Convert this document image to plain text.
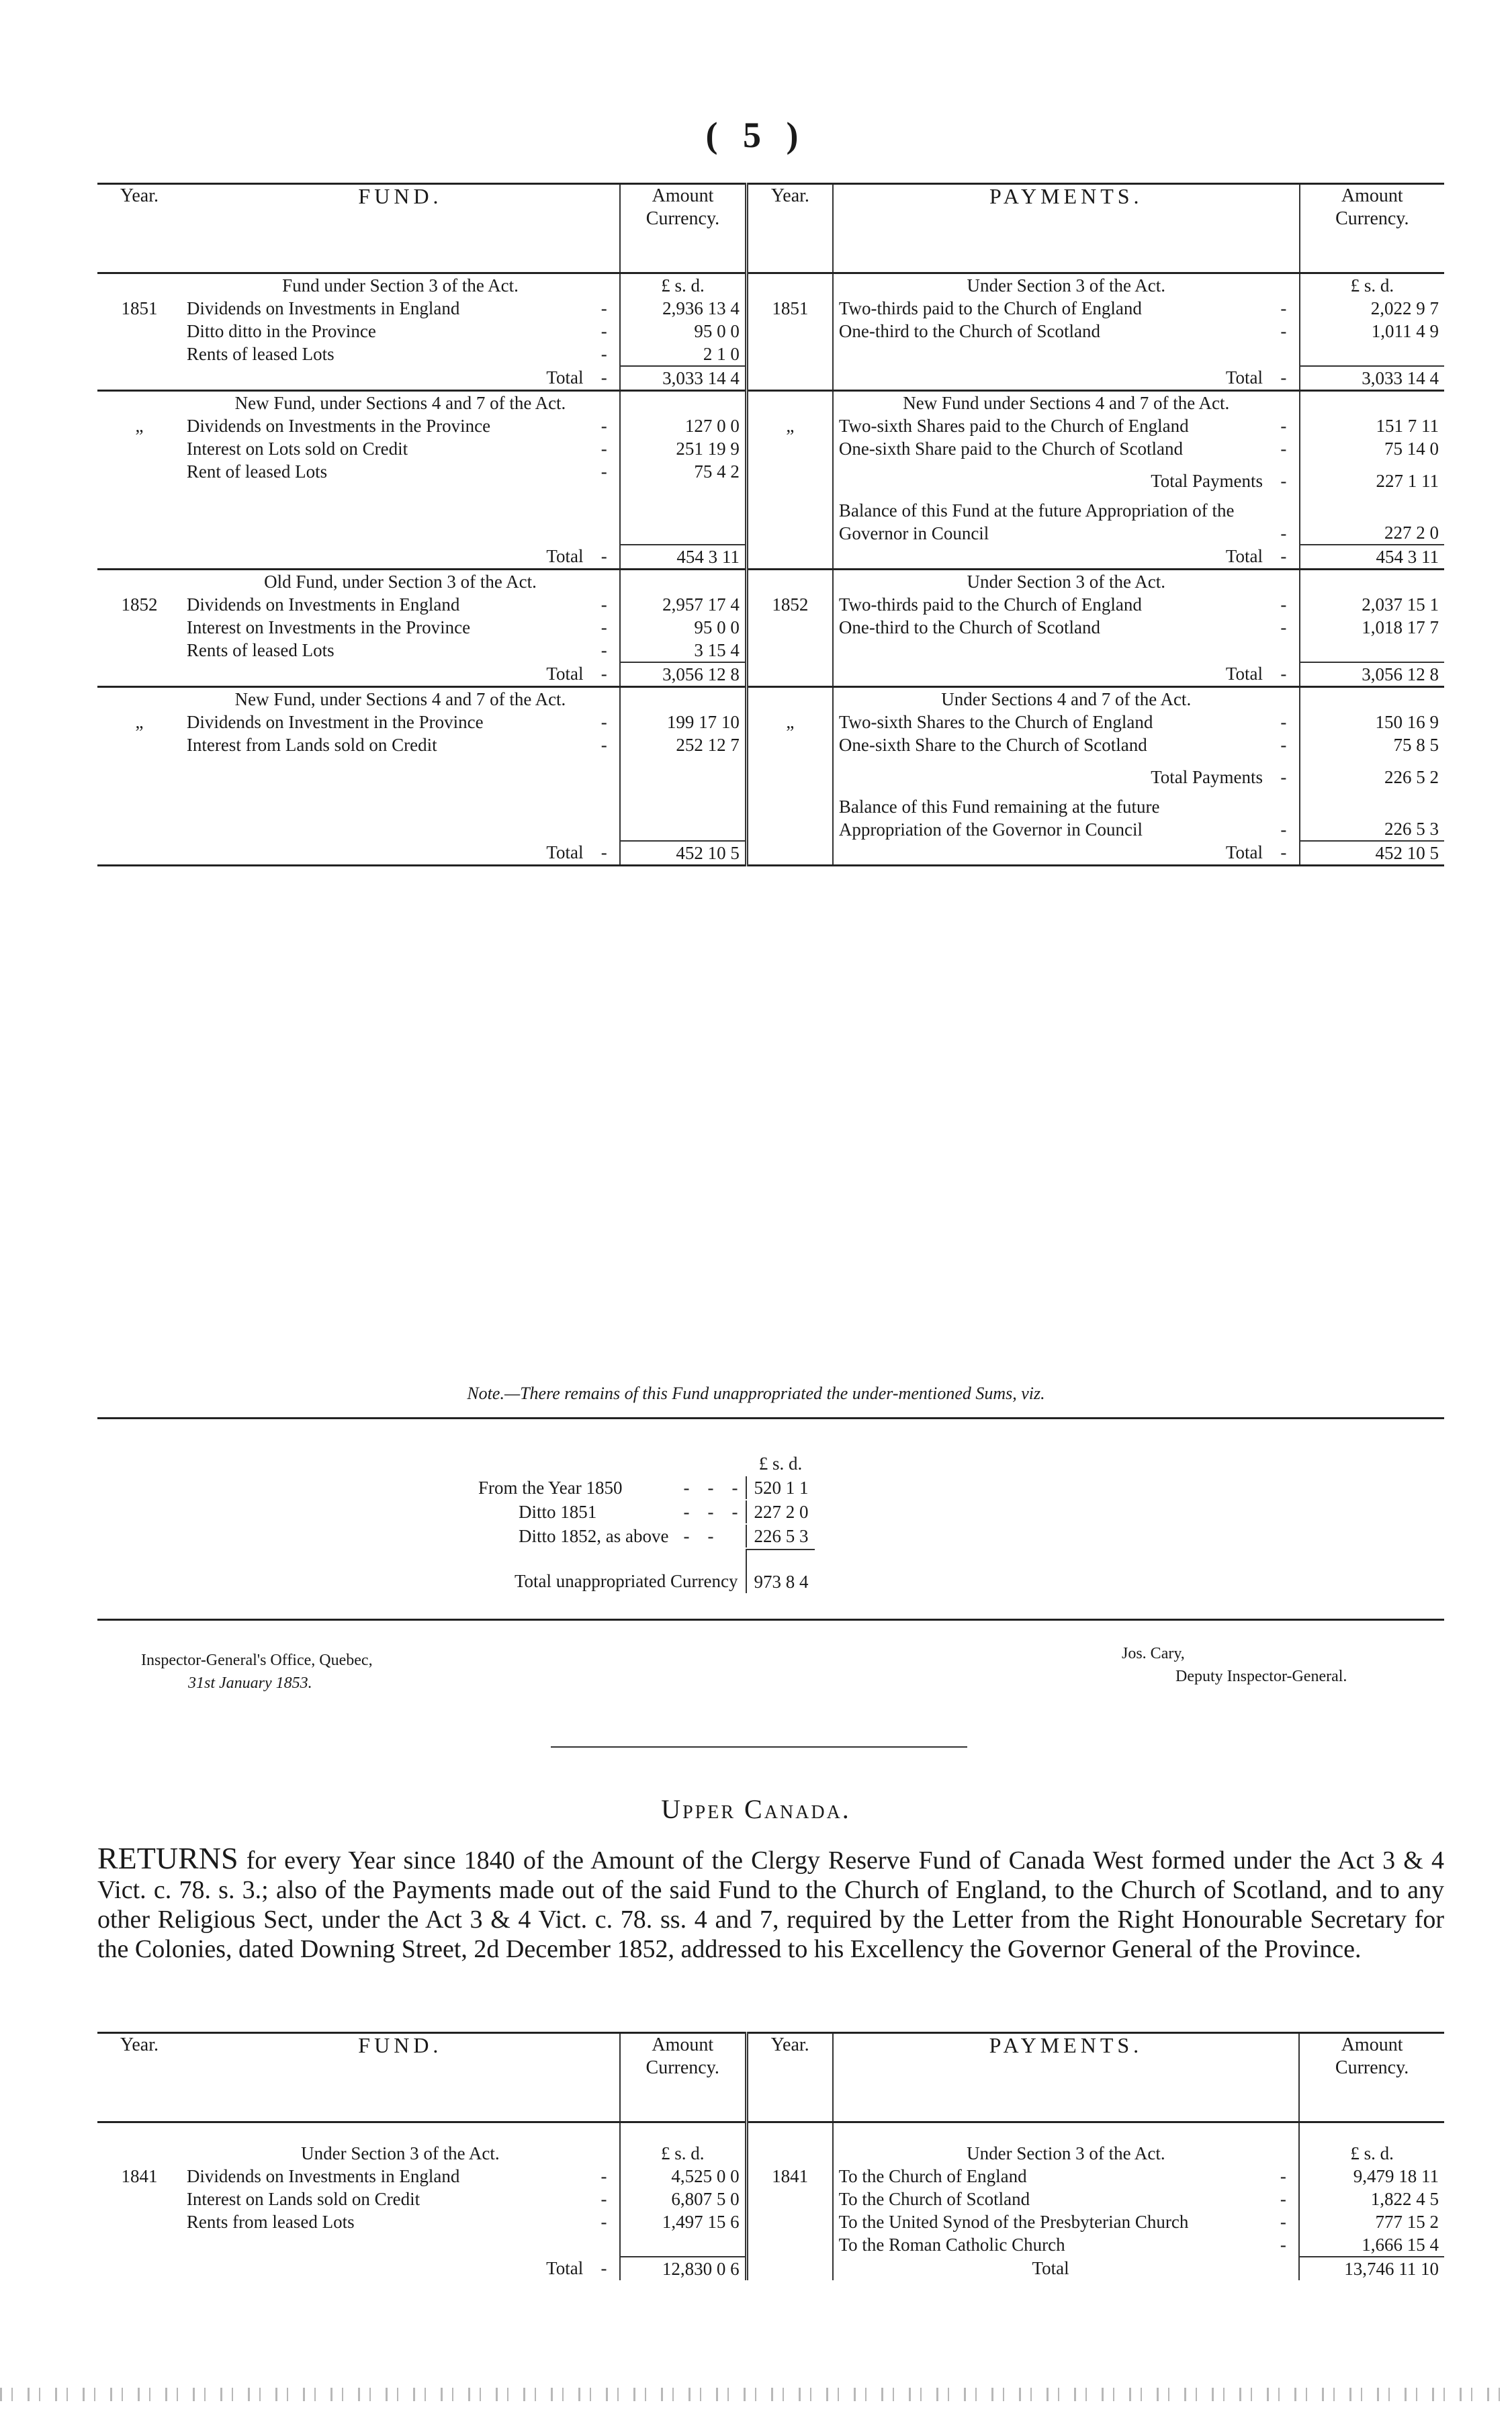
( 5 )
Year.	FUND.		Amount Currency.	Year.	PAYMENTS.		Amount Currency.
	Fund under Section 3 of the Act.		£ s. d.		Under Section 3 of the Act.		£ s. d.
1851	Dividends on Investments in England	-	2,936 13 4	1851	Two-thirds paid to the Church of England	-	2,022 9 7
	Ditto ditto in the Province	-	95 0 0		One-third to the Church of Scotland	-	1,011 4 9
	Rents of leased Lots	-	2 1 0				
	Total	-	3,033 14 4		Total	-	3,033 14 4
	New Fund, under Sections 4 and 7 of the Act.				New Fund under Sections 4 and 7 of the Act.		
„	Dividends on Investments in the Province	-	127 0 0	„	Two-sixth Shares paid to the Church of England	-	151 7 11
	Interest on Lots sold on Credit	-	251 19 9		One-sixth Share paid to the Church of Scotland	-	75 14 0
	Rent of leased Lots	-	75 4 2		Total Payments	-	227 1 11
					Balance of this Fund at the future Appropriation of the Governor in Council	-	227 2 0
	Total	-	454 3 11		Total	-	454 3 11
	Old Fund, under Section 3 of the Act.				Under Section 3 of the Act.		
1852	Dividends on Investments in England	-	2,957 17 4	1852	Two-thirds paid to the Church of England	-	2,037 15 1
	Interest on Investments in the Province	-	95 0 0		One-third to the Church of Scotland	-	1,018 17 7
	Rents of leased Lots	-	3 15 4				
	Total	-	3,056 12 8		Total	-	3,056 12 8
	New Fund, under Sections 4 and 7 of the Act.				Under Sections 4 and 7 of the Act.		
„	Dividends on Investment in the Province	-	199 17 10	„	Two-sixth Shares to the Church of England	-	150 16 9
	Interest from Lands sold on Credit	-	252 12 7		One-sixth Share to the Church of Scotland	-	75 8 5
					Total Payments	-	226 5 2
					Balance of this Fund remaining at the future Appropriation of the Governor in Council	-	226 5 3
	Total	-	452 10 5		Total	-	452 10 5
Note.—There remains of this Fund unappropriated the under-mentioned Sums, viz.
		£ s. d.
From the Year 1850	-    -    -	520 1 1
Ditto 1851	-    -    -	227 2 0
Ditto 1852, as above	-    -	226 5 3
Total unappropriated Currency		973 8 4
Inspector-General's Office, Quebec,
31st January 1853.
Jos. Cary,
Deputy Inspector-General.
Upper Canada.
RETURNS for every Year since 1840 of the Amount of the Clergy Reserve Fund of Canada West formed under the Act 3 & 4 Vict. c. 78. s. 3.; also of the Payments made out of the said Fund to the Church of England, to the Church of Scotland, and to any other Religious Sect, under the Act 3 & 4 Vict. c. 78. ss. 4 and 7, required by the Letter from the Right Honourable Secretary for the Colonies, dated Downing Street, 2d December 1852, addressed to his Excellency the Governor General of the Province.
Year.	FUND.		Amount Currency.	Year.	PAYMENTS.		Amount Currency.
	Under Section 3 of the Act.		£ s. d.		Under Section 3 of the Act.		£ s. d.
1841	Dividends on Investments in England	-	4,525 0 0	1841	To the Church of England	-	9,479 18 11
	Interest on Lands sold on Credit	-	6,807 5 0		To the Church of Scotland	-	1,822 4 5
	Rents from leased Lots	-	1,497 15 6		To the United Synod of the Presbyterian Church	-	777 15 2
					To the Roman Catholic Church	-	1,666 15 4
	Total	-	12,830 0 6		Total		13,746 11 10
